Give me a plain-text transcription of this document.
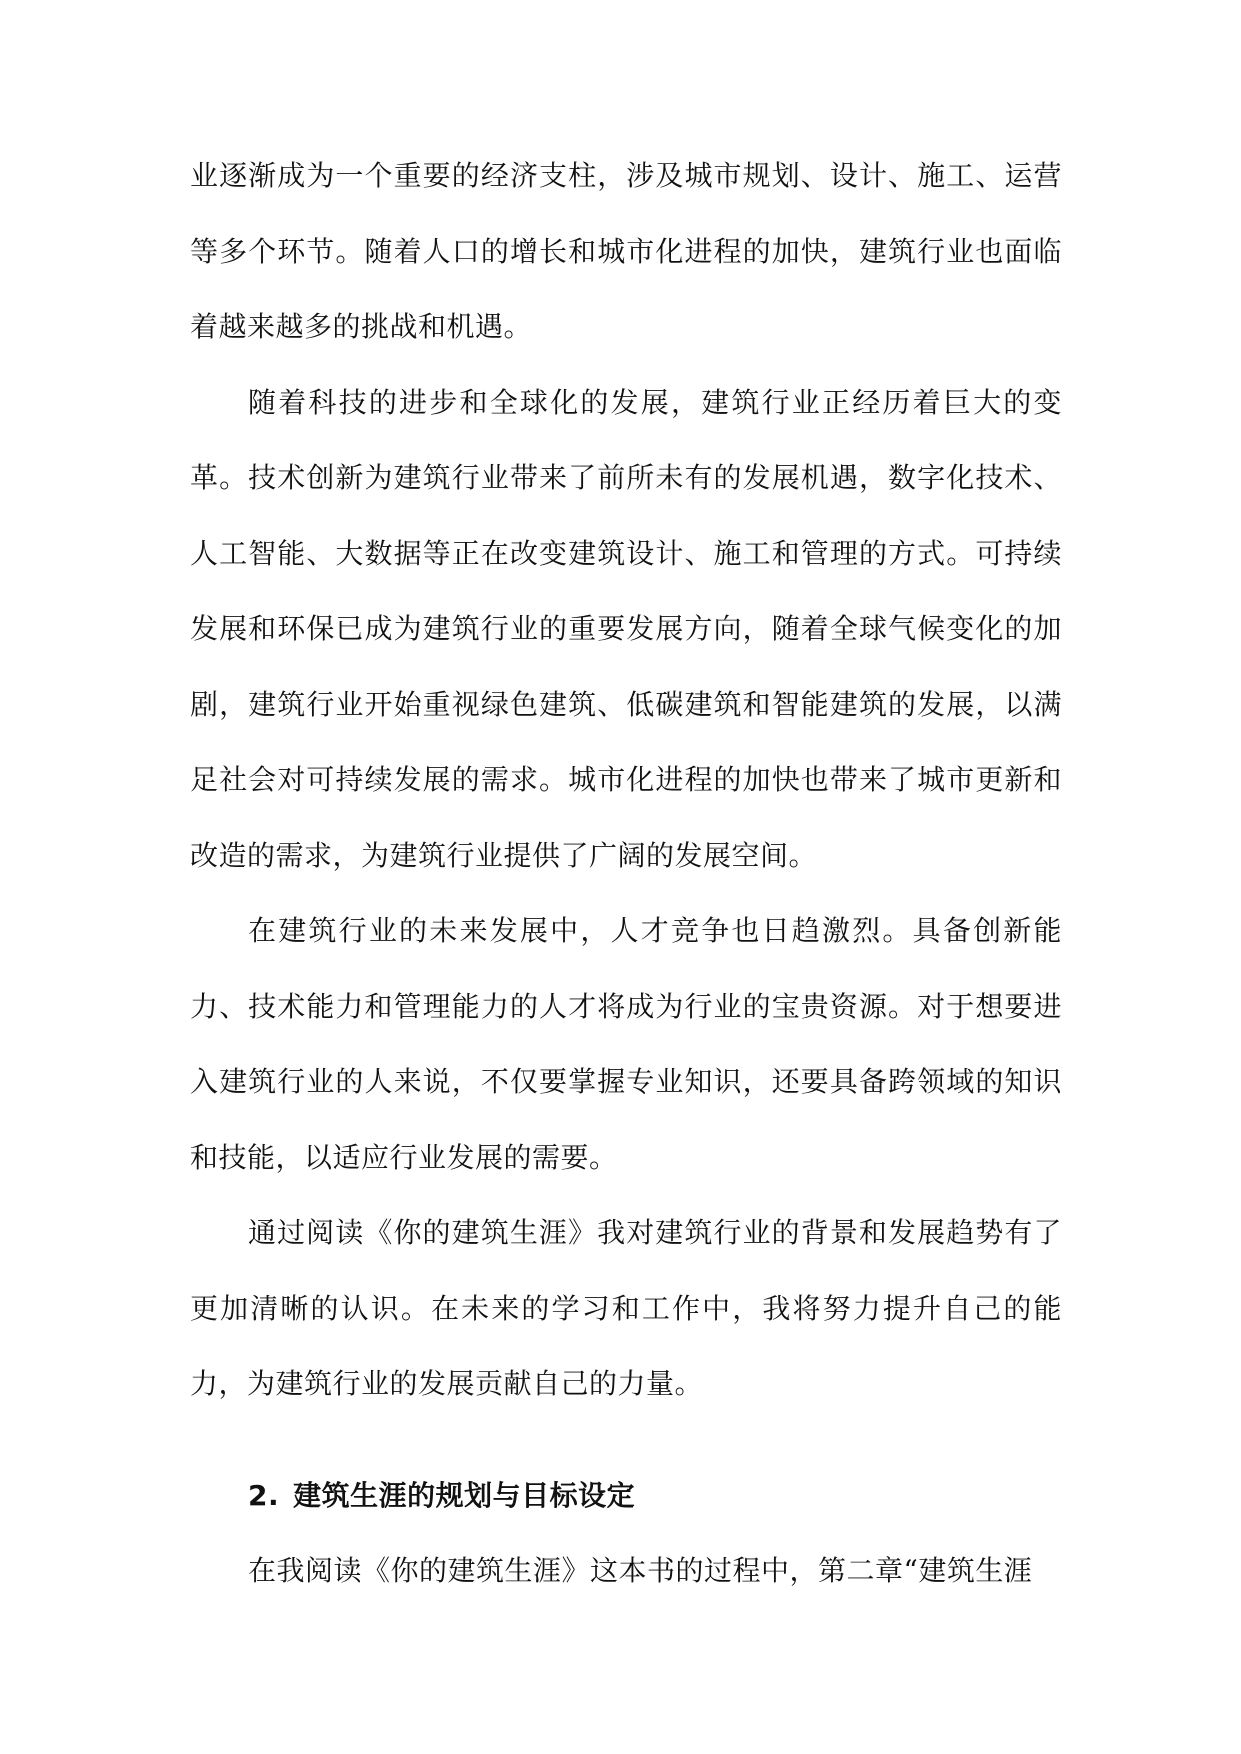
业逐渐成为一个重要的经济支柱，涉及城市规划、设计、施工、运营等多个环节。随着人口的增长和城市化进程的加快，建筑行业也面临着越来越多的挑战和机遇。

随着科技的进步和全球化的发展，建筑行业正经历着巨大的变革。技术创新为建筑行业带来了前所未有的发展机遇，数字化技术、人工智能、大数据等正在改变建筑设计、施工和管理的方式。可持续发展和环保已成为建筑行业的重要发展方向，随着全球气候变化的加剧，建筑行业开始重视绿色建筑、低碳建筑和智能建筑的发展，以满足社会对可持续发展的需求。城市化进程的加快也带来了城市更新和改造的需求，为建筑行业提供了广阔的发展空间。

在建筑行业的未来发展中，人才竞争也日趋激烈。具备创新能力、技术能力和管理能力的人才将成为行业的宝贵资源。对于想要进入建筑行业的人来说，不仅要掌握专业知识，还要具备跨领域的知识和技能，以适应行业发展的需要。

通过阅读《你的建筑生涯》我对建筑行业的背景和发展趋势有了更加清晰的认识。在未来的学习和工作中，我将努力提升自己的能力，为建筑行业的发展贡献自己的力量。

2. 建筑生涯的规划与目标设定

在我阅读《你的建筑生涯》这本书的过程中，第二章“建筑生涯
